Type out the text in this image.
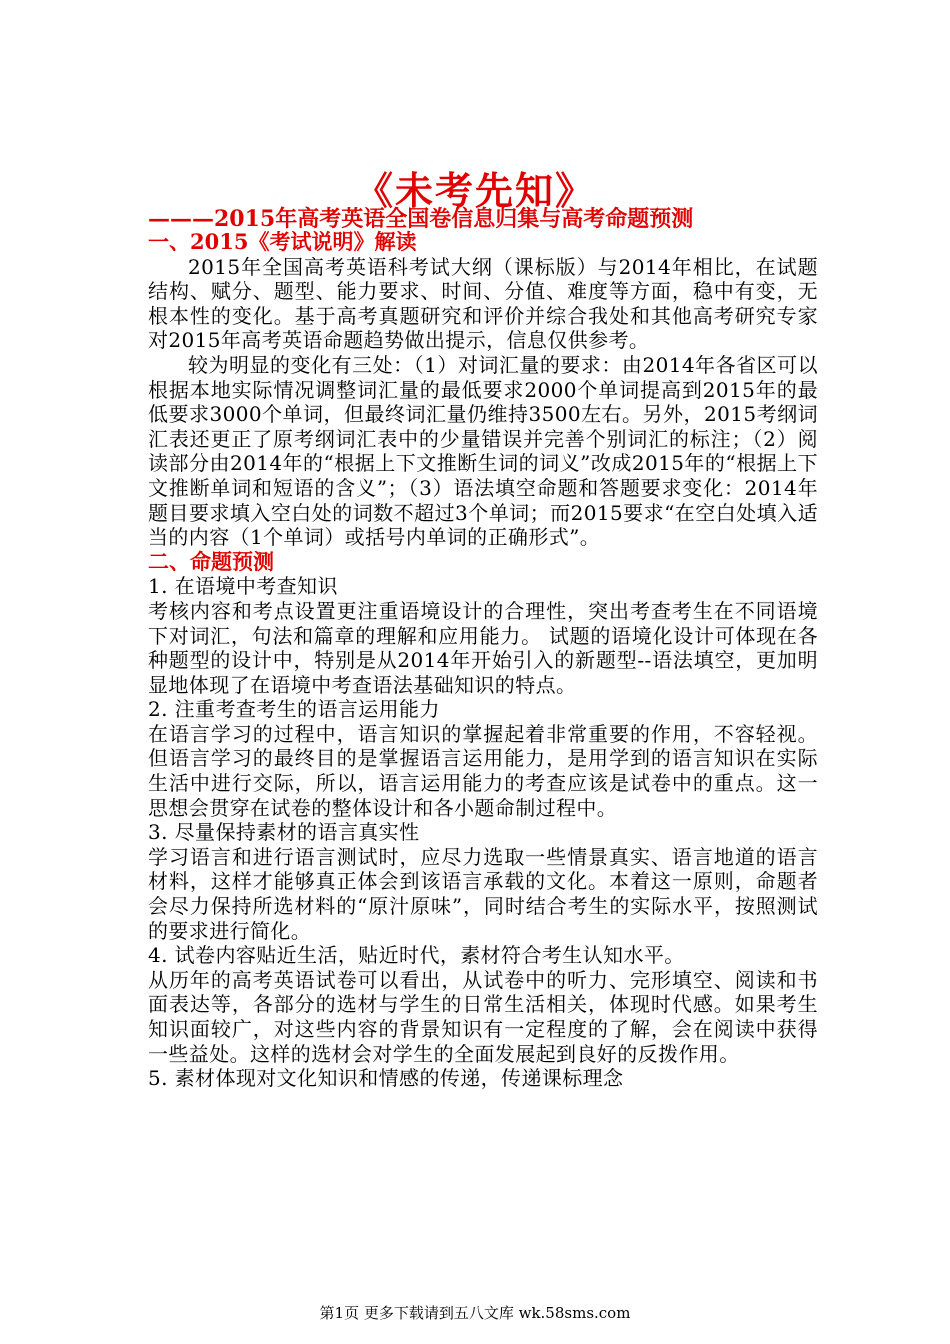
《未考先知》
———2015年高考英语全国卷信息归集与高考命题预测
一、2015《考试说明》解读

2015年全国高考英语科考试大纲（课标版）与2014年相比，在试题结构、赋分、题型、能力要求、时间、分值、难度等方面，稳中有变，无根本性的变化。基于高考真题研究和评价并综合我处和其他高考研究专家对2015年高考英语命题趋势做出提示，信息仅供参考。

较为明显的变化有三处：（1）对词汇量的要求：由2014年各省区可以根据本地实际情况调整词汇量的最低要求2000个单词提高到2015年的最低要求3000个单词，但最终词汇量仍维持3500左右。另外，2015考纲词汇表还更正了原考纲词汇表中的少量错误并完善个别词汇的标注；（2）阅读部分由2014年的“根据上下文推断生词的词义”改成2015年的“根据上下文推断单词和短语的含义”；（3）语法填空命题和答题要求变化：2014年题目要求填入空白处的词数不超过3个单词；而2015要求“在空白处填入适当的内容（1个单词）或括号内单词的正确形式”。

二、命题预测

1. 在语境中考查知识

考核内容和考点设置更注重语境设计的合理性，突出考查考生在不同语境下对词汇，句法和篇章的理解和应用能力。 试题的语境化设计可体现在各种题型的设计中，特别是从2014年开始引入的新题型--语法填空，更加明显地体现了在语境中考查语法基础知识的特点。

2. 注重考查考生的语言运用能力

在语言学习的过程中，语言知识的掌握起着非常重要的作用，不容轻视。但语言学习的最终目的是掌握语言运用能力，是用学到的语言知识在实际生活中进行交际，所以，语言运用能力的考查应该是试卷中的重点。这一思想会贯穿在试卷的整体设计和各小题命制过程中。

3. 尽量保持素材的语言真实性

学习语言和进行语言测试时，应尽力选取一些情景真实、语言地道的语言材料，这样才能够真正体会到该语言承载的文化。本着这一原则，命题者会尽力保持所选材料的“原汁原味”，同时结合考生的实际水平，按照测试的要求进行简化。

4. 试卷内容贴近生活，贴近时代，素材符合考生认知水平。

从历年的高考英语试卷可以看出，从试卷中的听力、完形填空、阅读和书面表达等，各部分的选材与学生的日常生活相关，体现时代感。如果考生知识面较广，对这些内容的背景知识有一定程度的了解，会在阅读中获得一些益处。这样的选材会对学生的全面发展起到良好的反拨作用。

5. 素材体现对文化知识和情感的传递，传递课标理念

第1页 更多下载请到五八文库 wk.58sms.com
